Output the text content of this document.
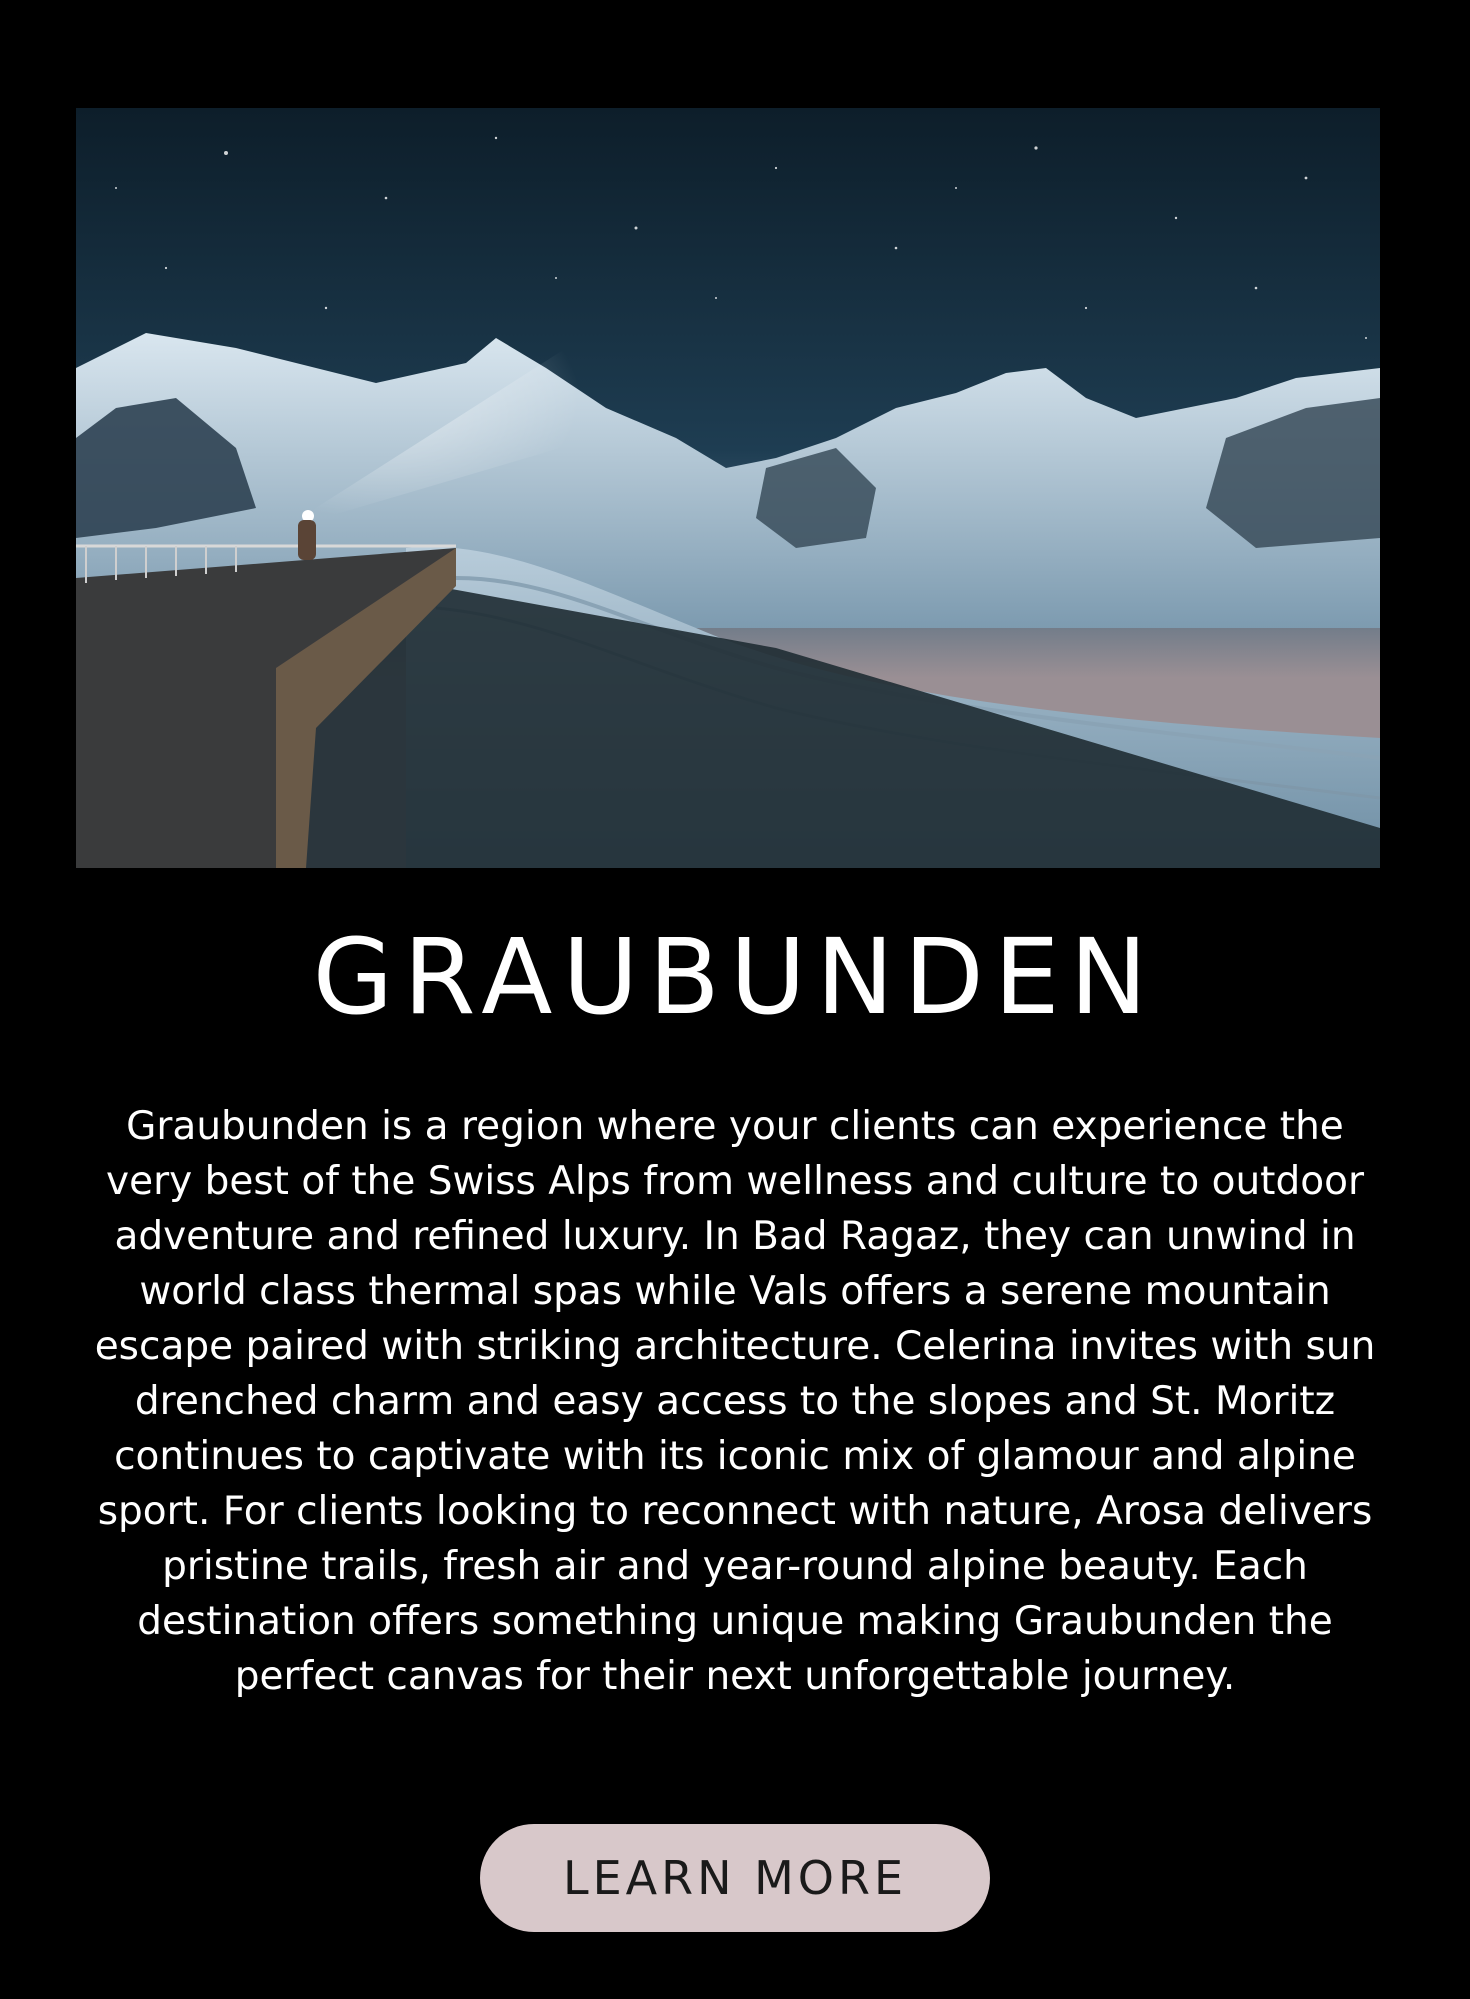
GRAUBUNDEN

Graubunden is a region where your clients can experience the very best of the Swiss Alps from wellness and culture to outdoor adventure and refined luxury. In Bad Ragaz, they can unwind in world class thermal spas while Vals offers a serene mountain escape paired with striking architecture. Celerina invites with sun drenched charm and easy access to the slopes and St. Moritz continues to captivate with its iconic mix of glamour and alpine sport. For clients looking to reconnect with nature, Arosa delivers pristine trails, fresh air and year-round alpine beauty. Each destination offers something unique making Graubunden the perfect canvas for their next unforgettable journey.

LEARN MORE
